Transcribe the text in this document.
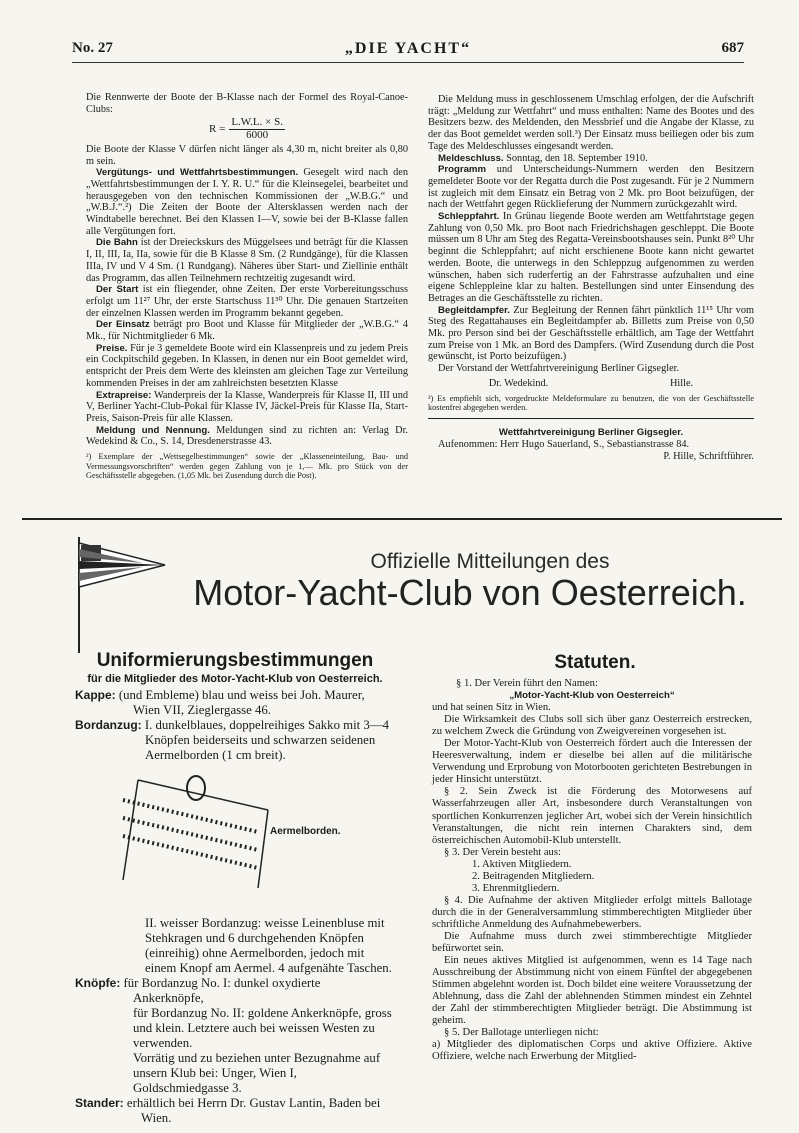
No. 27	„DIE YACHT“	687

Die Rennwerte der Boote der B-Klasse nach der Formel des Royal-Canoe-Clubs:

$R = \frac{L.W.L. \times S.}{6000}$

Die Boote der Klasse V dürfen nicht länger als 4,30 m, nicht breiter als 0,80 m sein.

Vergütungs- und Wettfahrtsbestimmungen. Gesegelt wird nach den „Wettfahrtsbestimmungen der I. Y. R. U.“ für die Kleinsegelei, bearbeitet und herausgegeben von den technischen Kommissionen der „W.B.G.“ und „W.B.J.“.²) Die Zeiten der Boote der Altersklassen werden nach der Windtabelle berechnet. Bei den Klassen I—V, sowie bei der B-Klasse fallen alle Vergütungen fort.

Die Bahn ist der Dreieckskurs des Müggelsees und beträgt für die Klassen I, II, III, Ia, IIa, sowie für die B Klasse 8 Sm. (2 Rundgänge), für die Klassen IIIa, IV und V 4 Sm. (1 Rundgang). Näheres über Start- und Ziellinie enthält das Programm, das allen Teilnehmern rechtzeitig zugesandt wird.

Der Start ist ein fliegender, ohne Zeiten. Der erste Vorbereitungsschuss erfolgt um 11²⁷ Uhr, der erste Startschuss 11³⁰ Uhr. Die genauen Startzeiten der einzelnen Klassen werden im Programm bekannt gegeben.

Der Einsatz beträgt pro Boot und Klasse für Mitglieder der „W.B.G.“ 4 Mk., für Nichtmitglieder 6 Mk.

Preise. Für je 3 gemeldete Boote wird ein Klassenpreis und zu jedem Preis ein Cockpitschild gegeben. In Klassen, in denen nur ein Boot gemeldet wird, entspricht der Preis dem Werte des kleinsten am gleichen Tage zur Verteilung kommenden Preises in der am zahlreichsten besetzten Klasse

Extrapreise: Wanderpreis der Ia Klasse, Wanderpreis für Klasse II, III und V, Berliner Yacht-Club-Pokal für Klasse IV, Jäckel-Preis für Klasse IIa, Start-Preis, Saison-Preis für alle Klassen.

Meldung und Nennung. Meldungen sind zu richten an: Verlag Dr. Wedekind & Co., S. 14, Dresdenerstrasse 43.

²) Exemplare der „Wettsegelbestimmungen“ sowie der „Klasseneinteilung, Bau- und Vermessungsvorschriften“ werden gegen Zahlung von je 1,— Mk. pro Stück von der Geschäftsstelle abgegeben. (1,05 Mk. bei Zusendung durch die Post).

Die Meldung muss in geschlossenem Umschlag erfolgen, der die Aufschrift trägt: „Meldung zur Wettfahrt“ und muss enthalten: Name des Bootes und des Besitzers bezw. des Meldenden, den Messbrief und die Angabe der Klasse, zu der das Boot gemeldet werden soll.³) Der Einsatz muss beiliegen oder bis zum Tage des Meldeschlusses eingesandt werden.

Meldeschluss. Sonntag, den 18. September 1910.

Programm und Unterscheidungs-Nummern werden den Besitzern gemeldeter Boote vor der Regatta durch die Post zugesandt. Für je 2 Nummern ist zugleich mit dem Einsatz ein Betrag von 2 Mk. pro Boot beizufügen, der nach der Wettfahrt gegen Rücklieferung der Nummern zurückgezahlt wird.

Schleppfahrt. In Grünau liegende Boote werden am Wettfahrtstage gegen Zahlung von 0,50 Mk. pro Boot nach Friedrichshagen geschleppt. Die Boote müssen um 8 Uhr am Steg des Regatta-Vereinsbootshauses sein. Punkt 8²⁰ Uhr beginnt die Schleppfahrt; auf nicht erschienene Boote kann nicht gewartet werden. Boote, die unterwegs in den Schleppzug aufgenommen zu werden wünschen, haben sich ruderfertig an der Fahrstrasse aufzuhalten und eine eigene Schleppleine klar zu halten. Bestellungen sind unter Einsendung des Betrages an die Geschäftsstelle zu richten.

Begleitdampfer. Zur Begleitung der Rennen fährt pünktlich 11¹⁵ Uhr vom Steg des Regattahauses ein Begleitdampfer ab. Billetts zum Preise von 0,50 Mk. pro Person sind bei der Geschäftsstelle erhältlich, am Tage der Wettfahrt zum Preise von 1 Mk. an Bord des Dampfers. (Wird Zusendung durch die Post gewünscht, ist Porto beizufügen.)

Der Vorstand der Wettfahrtvereinigung Berliner Gigsegler.

Dr. Wedekind.	Hille.

³) Es empfiehlt sich, vorgedruckte Meldeformulare zu benutzen, die von der Geschäftsstelle kostenfrei abgegeben werden.

Wettfahrtvereinigung Berliner Gigsegler.

Aufenommen: Herr Hugo Sauerland, S., Sebastianstrasse 84.

P. Hille, Schriftführer.

Offizielle Mitteilungen des
Motor-Yacht-Club von Oesterreich.
Uniformierungsbestimmungen
für die Mitglieder des Motor-Yacht-Klub von Oesterreich.

Kappe: (und Embleme) blau und weiss bei Joh. Maurer, Wien VII, Zieglergasse 46.

Bordanzug: I. dunkelblaues, doppelreihiges Sakko mit 3—4 Knöpfen beiderseits und schwarzen seidenen Aermelborden (1 cm breit).

II. weisser Bordanzug: weisse Leinenbluse mit Stehkragen und 6 durchgehenden Knöpfen (einreihig) ohne Aermelborden, jedoch mit einem Knopf am Aermel. 4 aufgenähte Taschen.

Knöpfe: für Bordanzug No. I: dunkel oxydierte Ankerknöpfe,

für Bordanzug No. II: goldene Ankerknöpfe, gross und klein. Letztere auch bei weissen Westen zu verwenden.

Vorrätig und zu beziehen unter Bezugnahme auf unsern Klub bei: Unger, Wien I, Goldschmiedgasse 3.

Stander: erhältlich bei Herrn Dr. Gustav Lantin, Baden bei Wien.

Aermelborden.
Statuten.

§ 1. Der Verein führt den Namen:

„Motor-Yacht-Klub von Oesterreich“

und hat seinen Sitz in Wien.

Die Wirksamkeit des Clubs soll sich über ganz Oesterreich erstrecken, zu welchem Zweck die Gründung von Zweigvereinen vorgesehen ist.

Der Motor-Yacht-Klub von Oesterreich fördert auch die Interessen der Heeresverwaltung, indem er dieselbe bei allen auf die militärische Verwendung und Erprobung von Motorbooten gerichteten Bestrebungen in jeder Hinsicht unterstützt.

§ 2. Sein Zweck ist die Förderung des Motorwesens auf Wasserfahrzeugen aller Art, insbesondere durch Veranstaltungen von sportlichen Konkurrenzen jeglicher Art, wobei sich der Verein hinsichtlich Veranstaltungen, die nicht rein internen Charakters sind, dem österreichischen Automobil-Klub unterstellt.

§ 3. Der Verein besteht aus:

1. Aktiven Mitgliedern.

2. Beitragenden Mitgliedern.

3. Ehrenmitgliedern.

§ 4. Die Aufnahme der aktiven Mitglieder erfolgt mittels Ballotage durch die in der Generalversammlung stimmberechtigten Mitglieder über schriftliche Anmeldung des Aufnahmebewerbers.

Die Aufnahme muss durch zwei stimmberechtigte Mitglieder befürwortet sein.

Ein neues aktives Mitglied ist aufgenommen, wenn es 14 Tage nach Ausschreibung der Abstimmung nicht von einem Fünftel der abgegebenen Stimmen abgelehnt worden ist. Doch bildet eine weitere Voraussetzung der Ablehnung, dass die Zahl der ablehnenden Stimmen mindest ein Zehntel der Zahl der stimmberechtigten Mitglieder beträgt. Die Abstimmung ist geheim.

§ 5. Der Ballotage unterliegen nicht:

a) Mitglieder des diplomatischen Corps und aktive Offiziere. Aktive Offiziere, welche nach Erwerbung der Mitglied-
